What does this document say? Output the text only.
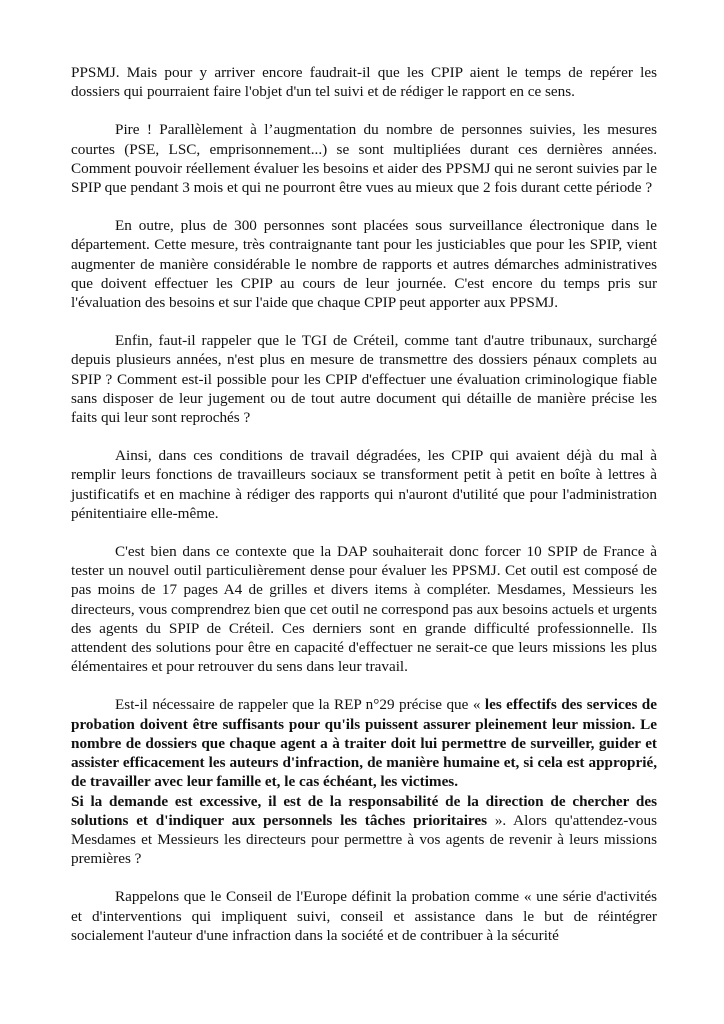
PPSMJ. Mais pour y arriver encore faudrait-il que les CPIP aient le temps de repérer les dossiers qui pourraient faire l'objet d'un tel suivi et de rédiger le rapport en ce sens.

Pire ! Parallèlement à l’augmentation du nombre de personnes suivies, les mesures courtes (PSE, LSC, emprisonnement...) se sont multipliées durant ces dernières années. Comment pouvoir réellement évaluer les besoins et aider des PPSMJ qui ne seront suivies par le SPIP que pendant 3 mois et qui ne pourront être vues au mieux que 2 fois durant cette période ?

En outre, plus de 300 personnes sont placées sous surveillance électronique dans le département. Cette mesure, très contraignante tant pour les justiciables que pour les SPIP, vient augmenter de manière considérable le nombre de rapports et autres démarches administratives que doivent effectuer les CPIP au cours de leur journée. C'est encore du temps pris sur l'évaluation des besoins et sur l'aide que chaque CPIP peut apporter aux PPSMJ.

Enfin, faut-il rappeler que le TGI de Créteil, comme tant d'autre tribunaux, surchargé depuis plusieurs années, n'est plus en mesure de transmettre des dossiers pénaux complets au SPIP ? Comment est-il possible pour les CPIP d'effectuer une évaluation criminologique fiable sans disposer de leur jugement ou de tout autre document qui détaille de manière précise les faits qui leur sont reprochés ?

Ainsi, dans ces conditions de travail dégradées, les CPIP qui avaient déjà du mal à remplir leurs fonctions de travailleurs sociaux se transforment petit à petit en boîte à lettres à justificatifs et en machine à rédiger des rapports qui n'auront d'utilité que pour l'administration pénitentiaire elle-même.

C'est bien dans ce contexte que la DAP souhaiterait donc forcer 10 SPIP de France à tester un nouvel outil particulièrement dense pour évaluer les PPSMJ. Cet outil est composé de pas moins de 17 pages A4 de grilles et divers items à compléter. Mesdames, Messieurs les directeurs, vous comprendrez bien que cet outil ne correspond pas aux besoins actuels et urgents des agents du SPIP de Créteil. Ces derniers sont en grande difficulté professionnelle. Ils attendent des solutions pour être en capacité d'effectuer ne serait-ce que leurs missions les plus élémentaires et pour retrouver du sens dans leur travail.

Est-il nécessaire de rappeler que la REP n°29 précise que « les effectifs des services de probation doivent être suffisants pour qu'ils puissent assurer pleinement leur mission. Le nombre de dossiers que chaque agent a à traiter doit lui permettre de surveiller, guider et assister efficacement les auteurs d'infraction, de manière humaine et, si cela est approprié, de travailler avec leur famille et, le cas échéant, les victimes.

Si la demande est excessive, il est de la responsabilité de la direction de chercher des solutions et d'indiquer aux personnels les tâches prioritaires ». Alors qu'attendez-vous Mesdames et Messieurs les directeurs pour permettre à vos agents de revenir à leurs missions premières ?

Rappelons que le Conseil de l'Europe définit la probation comme « une série d'activités et d'interventions qui impliquent suivi, conseil et assistance dans le but de réintégrer socialement l'auteur d'une infraction dans la société et de contribuer à la sécurité
